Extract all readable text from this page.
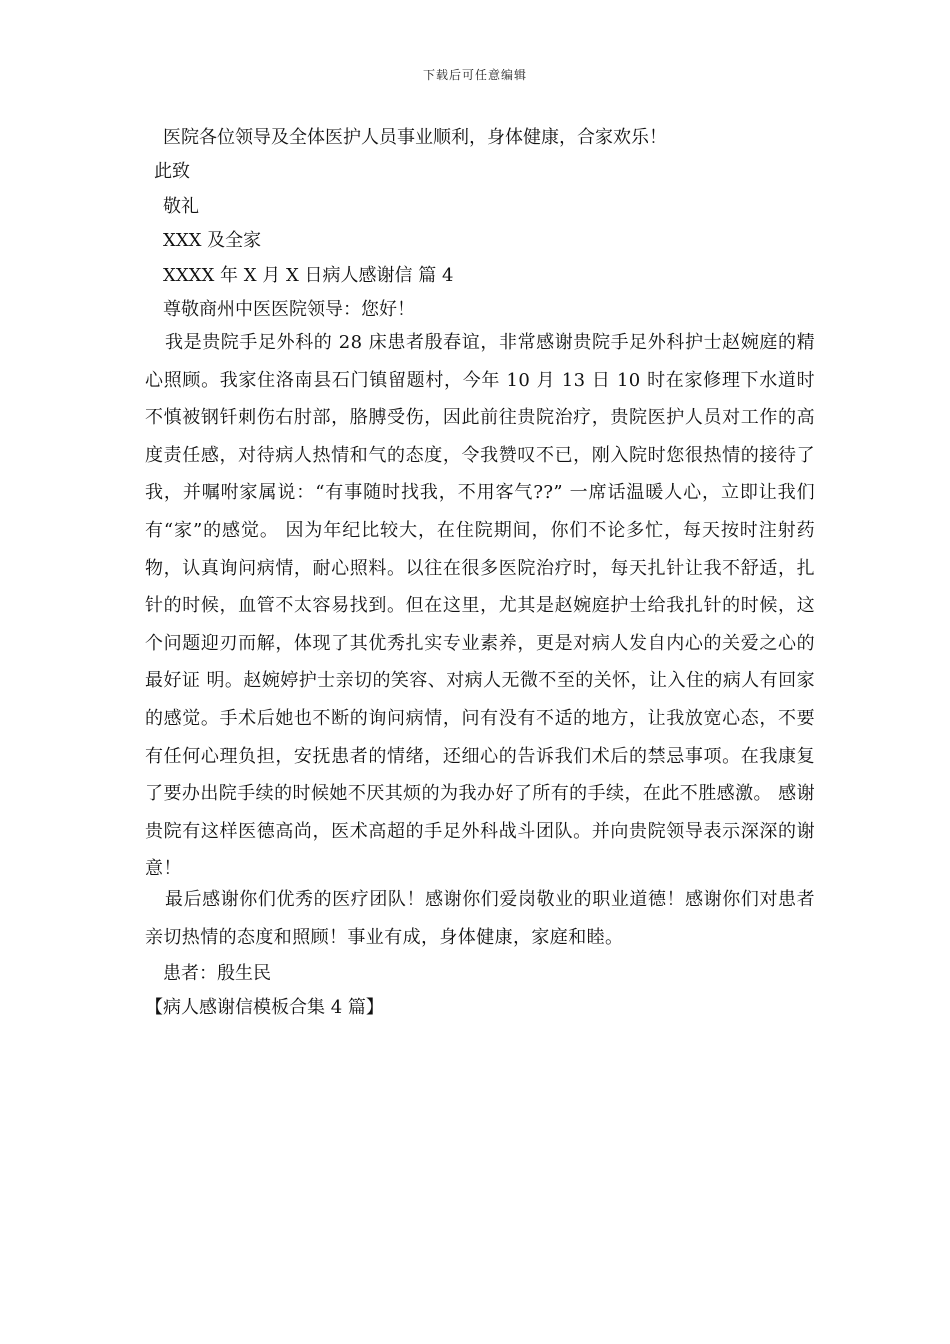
下载后可任意编辑
医院各位领导及全体医护人员事业顺利，身体健康，合家欢乐！
此致
敬礼
XXX 及全家
XXXX 年 X 月 X 日病人感谢信 篇 4
尊敬商州中医医院领导：您好！
我是贵院手足外科的 28 床患者殷春谊，非常感谢贵院手足外科护士赵婉庭的精心照顾。我家住洛南县石门镇留题村，今年 10 月 13 日 10 时在家修理下水道时不慎被钢钎刺伤右肘部，胳膊受伤，因此前往贵院治疗，贵院医护人员对工作的高度责任感，对待病人热情和气的态度，令我赞叹不已，刚入院时您很热情的接待了我，并嘱咐家属说：“有事随时找我，不用客气??” 一席话温暖人心，立即让我们有“家”的感觉。 因为年纪比较大，在住院期间，你们不论多忙，每天按时注射药物，认真询问病情，耐心照料。以往在很多医院治疗时，每天扎针让我不舒适，扎针的时候，血管不太容易找到。但在这里，尤其是赵婉庭护士给我扎针的时候，这个问题迎刃而解，体现了其优秀扎实专业素养，更是对病人发自内心的关爱之心的最好证 明。赵婉婷护士亲切的笑容、对病人无微不至的关怀，让入住的病人有回家的感觉。手术后她也不断的询问病情，问有没有不适的地方，让我放宽心态，不要有任何心理负担，安抚患者的情绪，还细心的告诉我们术后的禁忌事项。在我康复了要办出院手续的时候她不厌其烦的为我办好了所有的手续，在此不胜感激。 感谢贵院有这样医德高尚，医术高超的手足外科战斗团队。并向贵院领导表示深深的谢意！
最后感谢你们优秀的医疗团队！感谢你们爱岗敬业的职业道德！感谢你们对患者亲切热情的态度和照顾！事业有成，身体健康，家庭和睦。
患者：殷生民
【病人感谢信模板合集 4 篇】
